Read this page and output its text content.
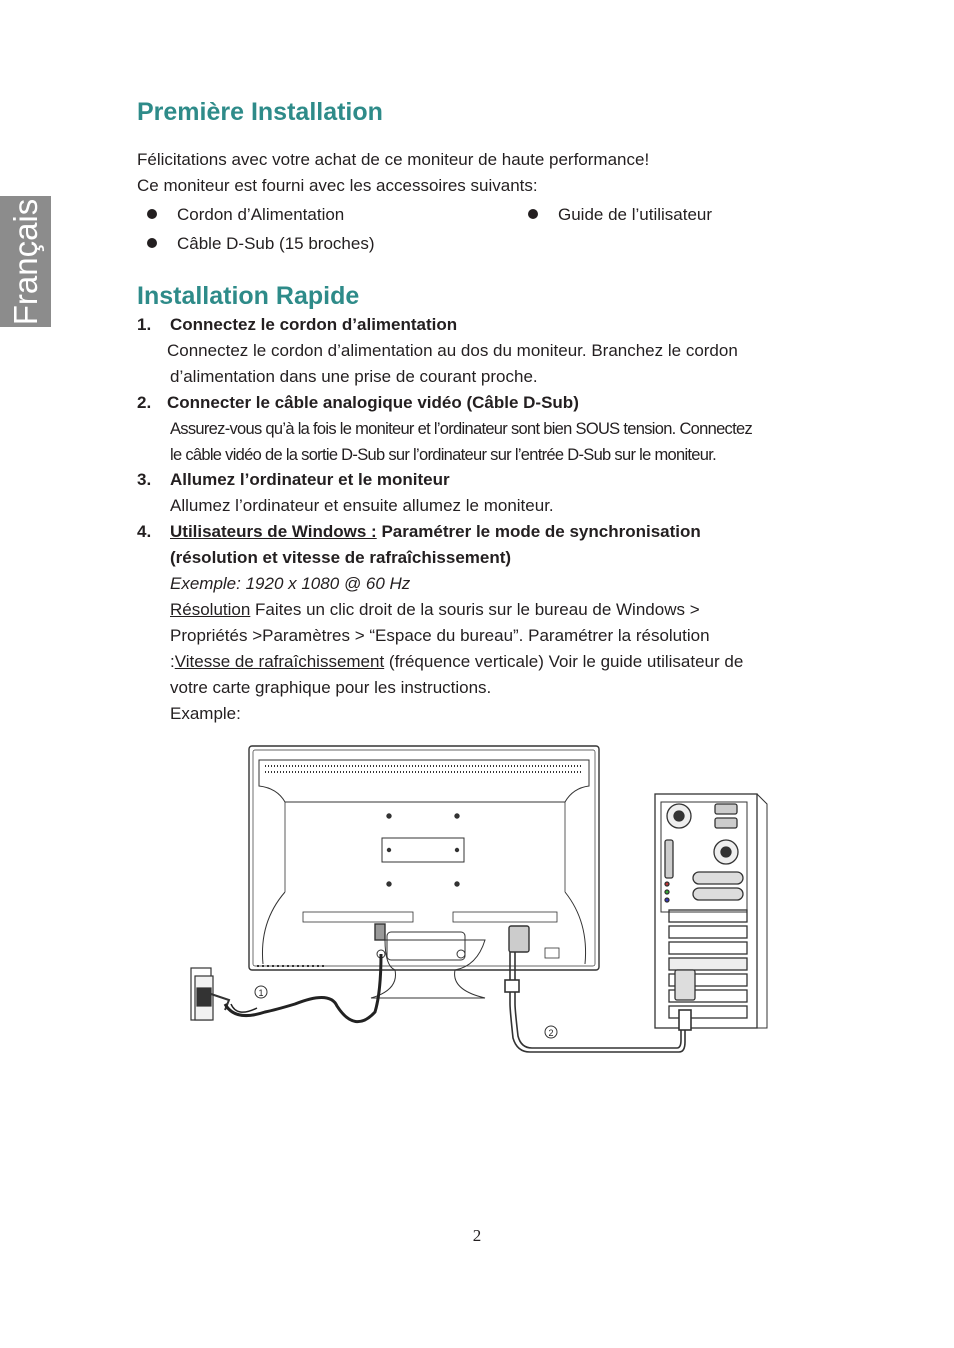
Français
Première Installation
Félicitations avec votre achat de ce moniteur de haute performance!
Ce moniteur est fourni avec les accessoires suivants:
Cordon d’Alimentation	Guide de l’utilisateur
Câble D-Sub (15 broches)
Installation Rapide
1. Connectez le cordon d’alimentation
Connectez le cordon d’alimentation au dos du moniteur. Branchez le cordon
d’alimentation dans une prise de courant proche.
2. Connecter le câble analogique vidéo (Câble D-Sub)
Assurez-vous qu’à la fois le moniteur et l’ordinateur sont bien SOUS tension. Connectez
le câble vidéo de la sortie D-Sub sur l’ordinateur sur l’entrée D-Sub sur le moniteur.
3. Allumez l’ordinateur et le moniteur
Allumez l’ordinateur et ensuite allumez le moniteur.
4. Utilisateurs de Windows : Paramétrer le mode de synchronisation
(résolution et vitesse de rafraîchissement)
Exemple: 1920 x 1080 @ 60 Hz
Résolution Faites un clic droit de la souris sur le bureau de Windows >
Propriétés >Paramètres > “Espace du bureau”. Paramétrer la résolution
:Vitesse de rafraîchissement (fréquence verticale) Voir le guide utilisateur de
votre carte graphique pour les instructions.
Example:
1
2
2
